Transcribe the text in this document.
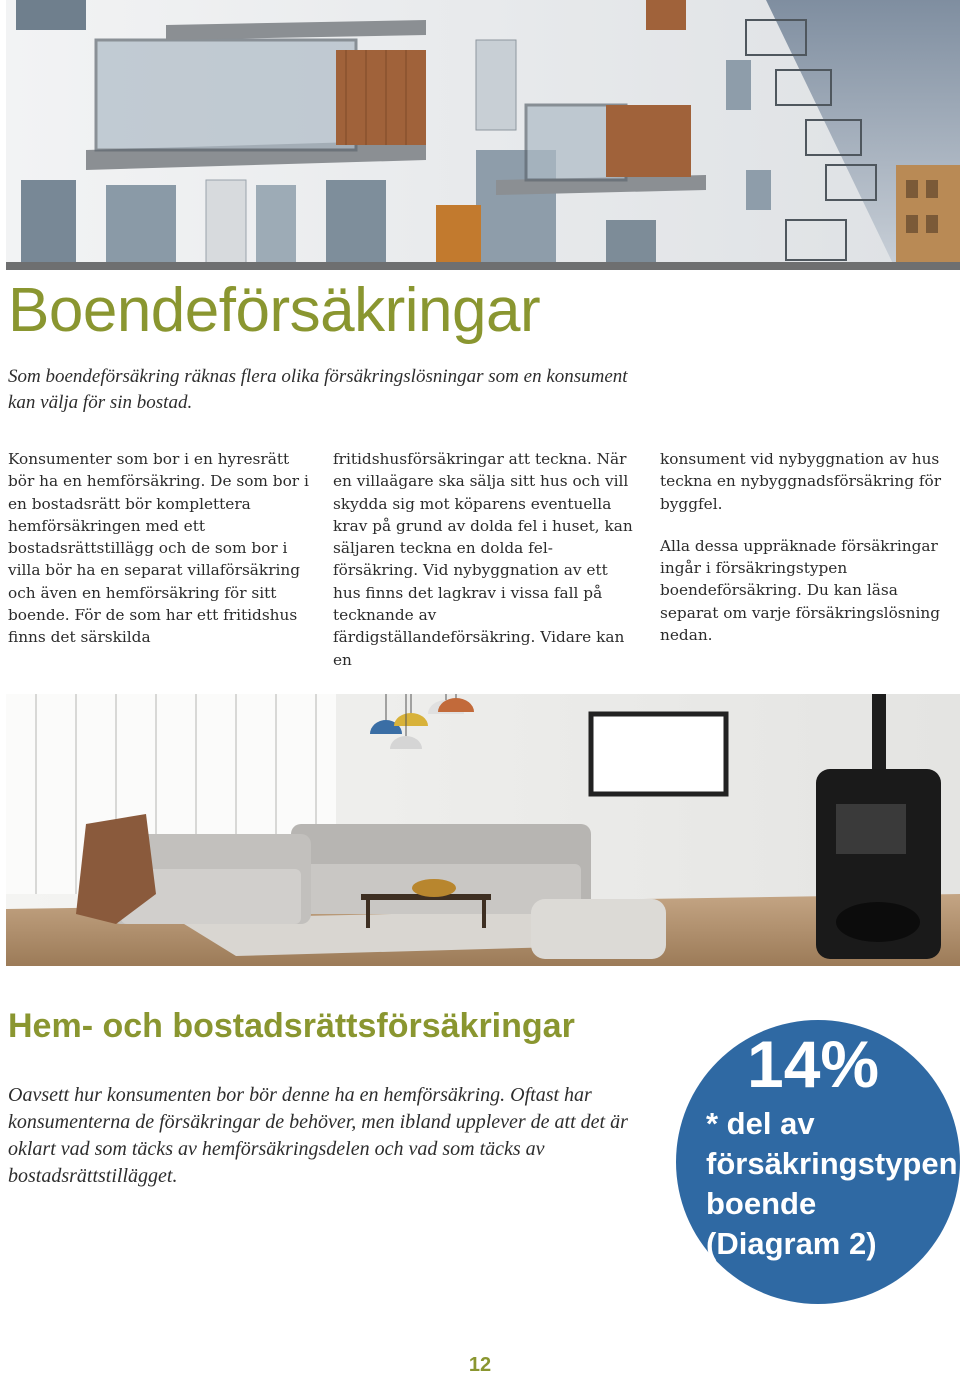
Boendeförsäkringar

Som boendeförsäkring räknas flera olika försäkringslösningar som en konsument kan välja för sin bostad.

Konsumenter som bor i en hyresrätt bör ha en hemförsäkring. De som bor i en bostadsrätt bör komplettera hemförsäkringen med ett bostadsrättstillägg och de som bor i villa bör ha en separat villaförsäkring och även en hemförsäkring för sitt boende. För de som har ett fritidshus finns det särskilda

fritidshusförsäkringar att teckna. När en villaägare ska sälja sitt hus och vill skydda sig mot köparens eventuella krav på grund av dolda fel i huset, kan säljaren teckna en dolda fel-försäkring. Vid nybyggnation av ett hus finns det lagkrav i vissa fall på tecknande av färdigställandeförsäkring. Vidare kan en

konsument vid nybyggnation av hus teckna en nybyggnadsförsäkring för byggfel.

Alla dessa uppräknade försäkringar ingår i försäkringstypen boendeförsäkring. Du kan läsa separat om varje försäkringslösning nedan.

Hem- och bostadsrättsförsäkringar

Oavsett hur konsumenten bor bör denne ha en hemförsäkring. Oftast har konsumenterna de försäkringar de behöver, men ibland upplever de att det är oklart vad som täcks av hemförsäkringsdelen och vad som täcks av bostadsrättstillägget.

14%

* del av försäkringstypen boende (Diagram 2)

12
